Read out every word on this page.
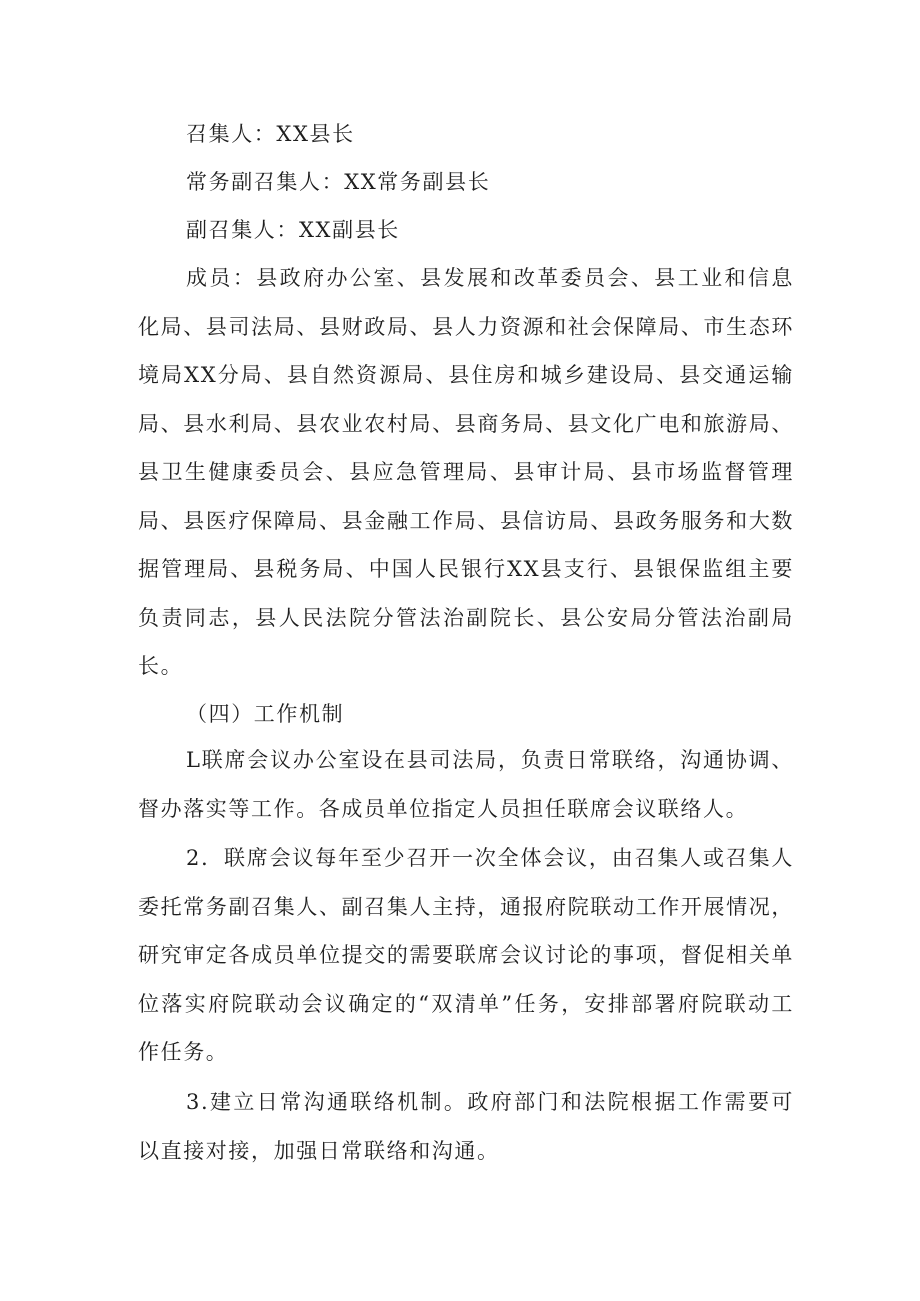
召集人：XX县长
常务副召集人：XX常务副县长
副召集人：XX副县长
成员：县政府办公室、县发展和改革委员会、县工业和信息化局、县司法局、县财政局、县人力资源和社会保障局、市生态环境局XX分局、县自然资源局、县住房和城乡建设局、县交通运输局、县水利局、县农业农村局、县商务局、县文化广电和旅游局、县卫生健康委员会、县应急管理局、县审计局、县市场监督管理局、县医疗保障局、县金融工作局、县信访局、县政务服务和大数据管理局、县税务局、中国人民银行XX县支行、县银保监组主要负责同志，县人民法院分管法治副院长、县公安局分管法治副局长。
（四）工作机制
L联席会议办公室设在县司法局，负责日常联络，沟通协调、督办落实等工作。各成员单位指定人员担任联席会议联络人。
2．联席会议每年至少召开一次全体会议，由召集人或召集人委托常务副召集人、副召集人主持，通报府院联动工作开展情况，研究审定各成员单位提交的需要联席会议讨论的事项，督促相关单位落实府院联动会议确定的“双清单”任务，安排部署府院联动工作任务。
3.建立日常沟通联络机制。政府部门和法院根据工作需要可以直接对接，加强日常联络和沟通。
